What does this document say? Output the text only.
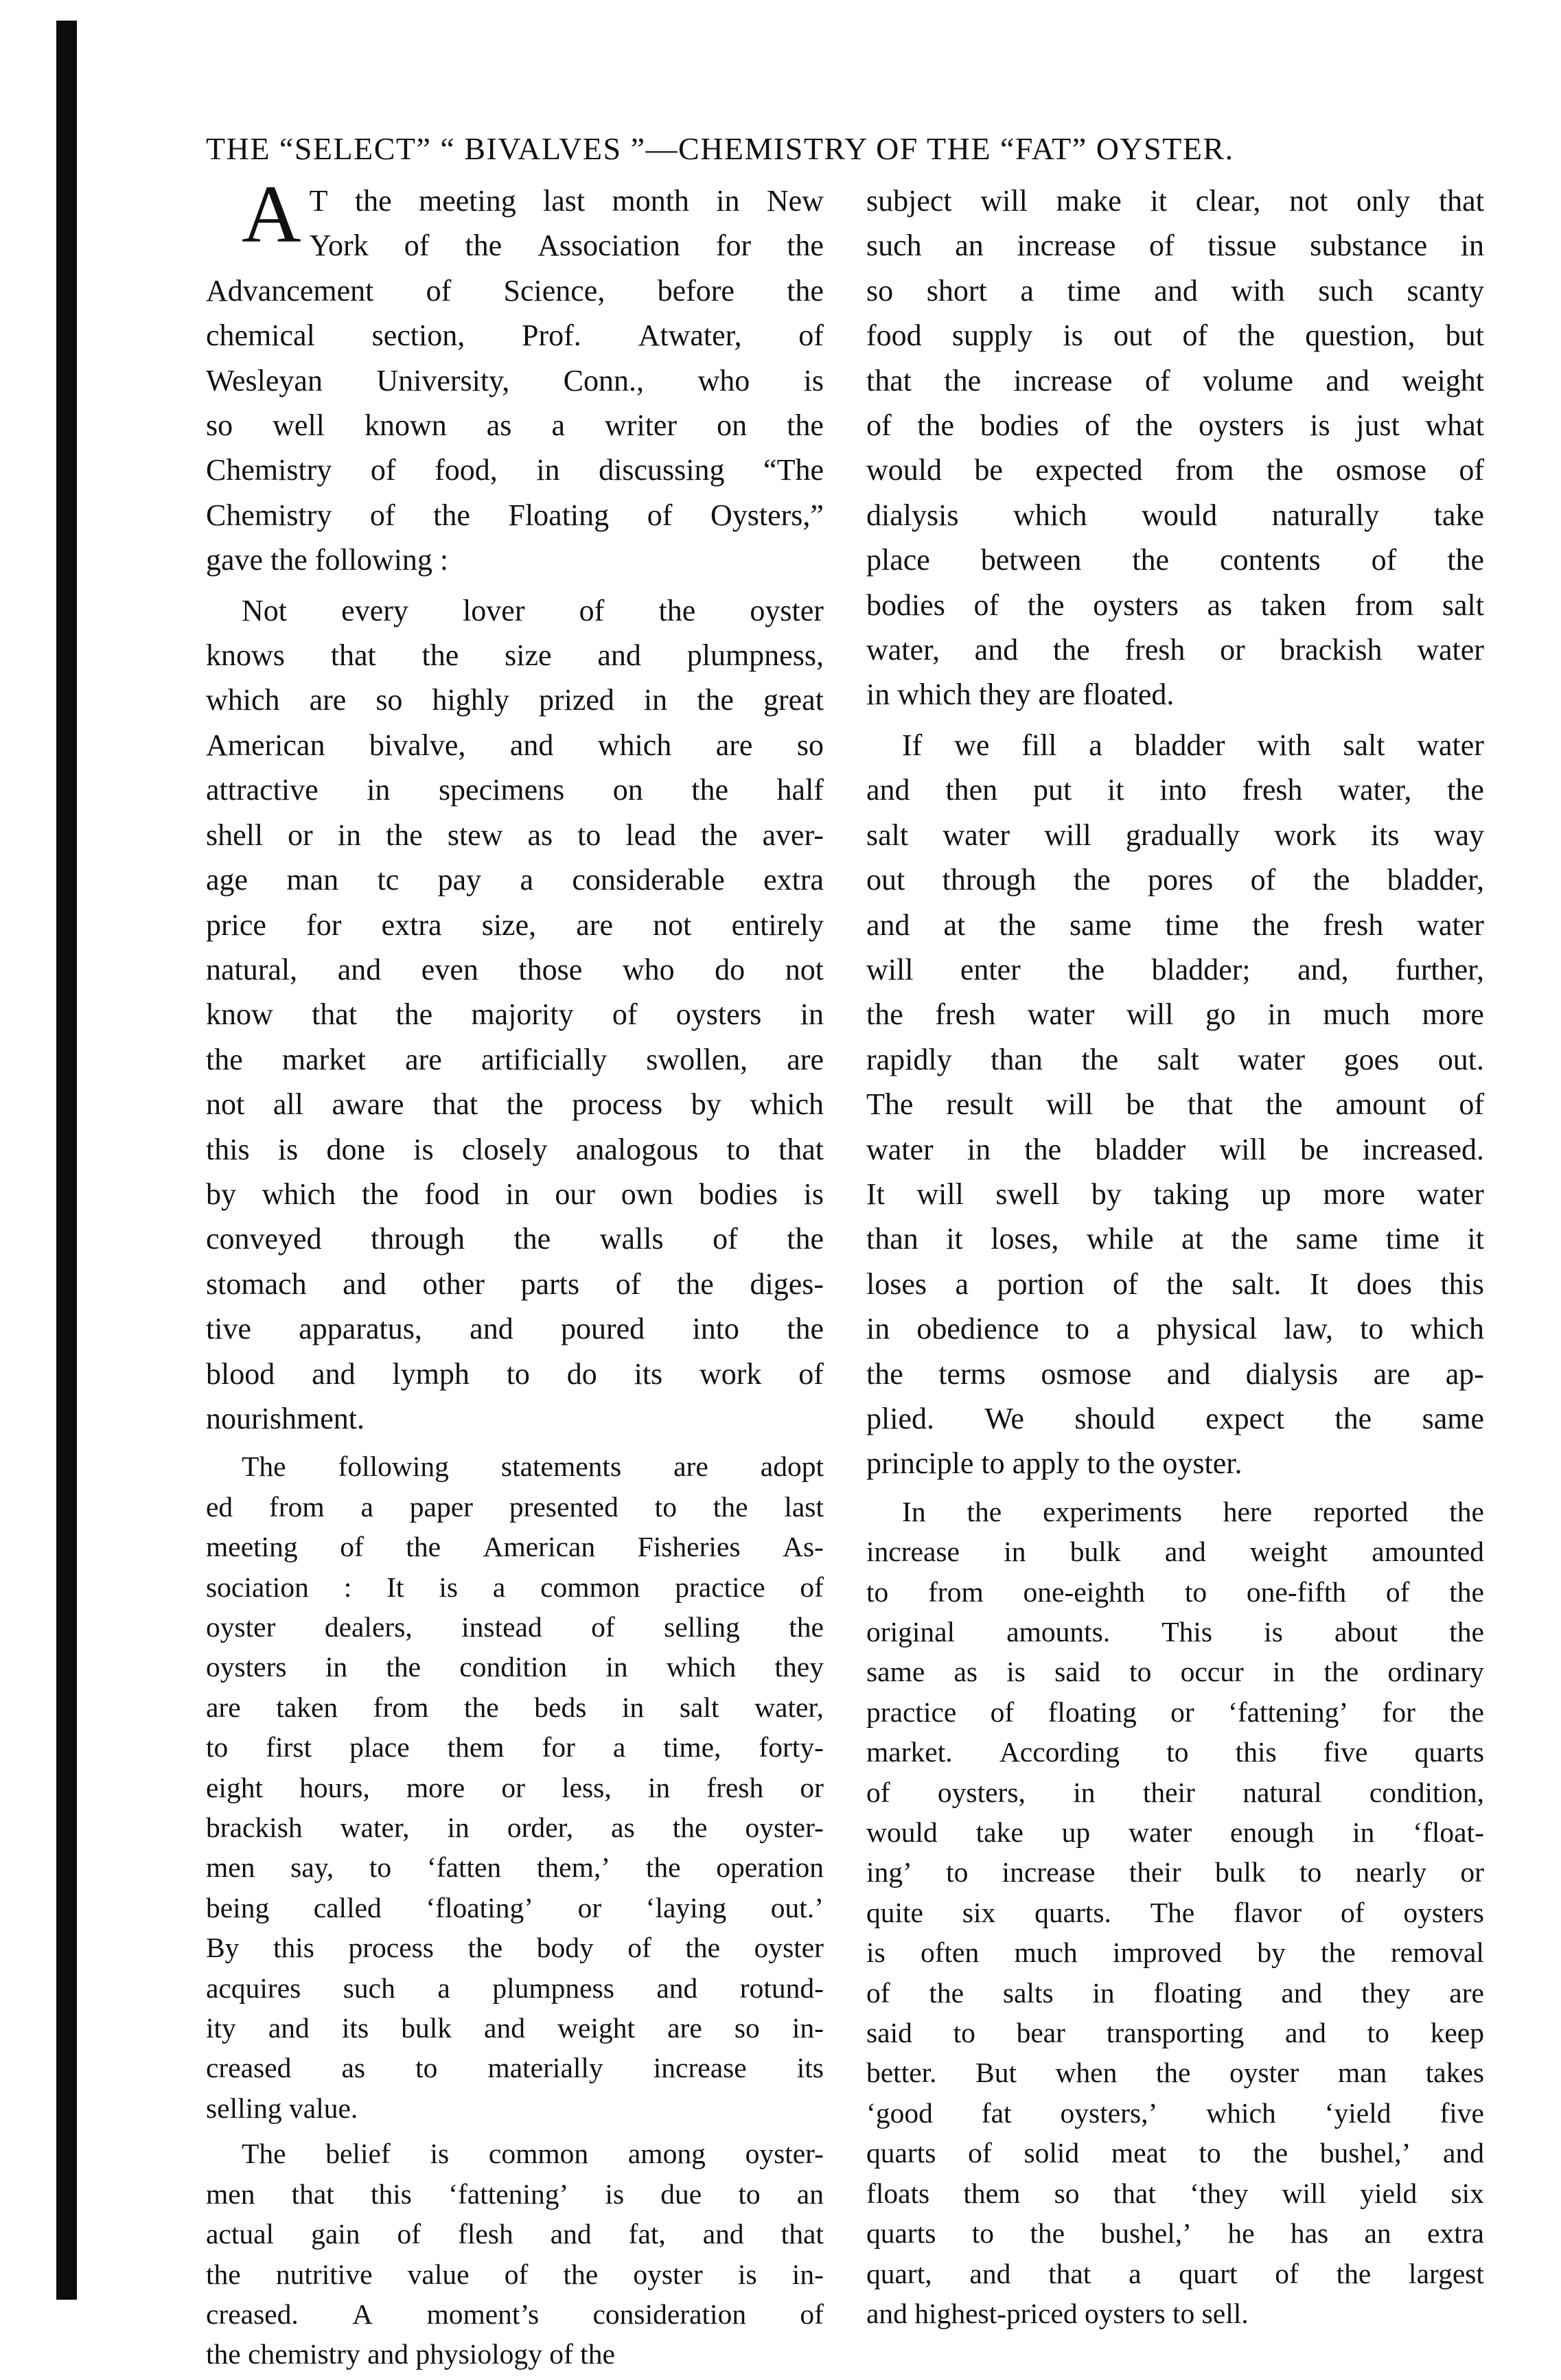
THE “SELECT” “ BIVALVES ”—CHEMISTRY OF THE “FAT” OYSTER.
A T the meeting last month in New
York of the Association for the
Advancement of Science, before the
chemical section, Prof. Atwater, of
Wesleyan University, Conn., who is
so well known as a writer on the
Chemistry of food, in discussing “The
Chemistry of the Floating of Oysters,”
gave the following :
Not every lover of the oyster
knows that the size and plumpness,
which are so highly prized in the great
American bivalve, and which are so
attractive in specimens on the half
shell or in the stew as to lead the aver-
age man tc pay a considerable extra
price for extra size, are not entirely
natural, and even those who do not
know that the majority of oysters in
the market are artificially swollen, are
not all aware that the process by which
this is done is closely analogous to that
by which the food in our own bodies is
conveyed through the walls of the
stomach and other parts of the diges-
tive apparatus, and poured into the
blood and lymph to do its work of
nourishment.
The following statements are adopt
ed from a paper presented to the last
meeting of the American Fisheries As-
sociation : It is a common practice of
oyster dealers, instead of selling the
oysters in the condition in which they
are taken from the beds in salt water,
to first place them for a time, forty-
eight hours, more or less, in fresh or
brackish water, in order, as the oyster-
men say, to ‘fatten them,’ the operation
being called ‘floating’ or ‘laying out.’
By this process the body of the oyster
acquires such a plumpness and rotund-
ity and its bulk and weight are so in-
creased as to materially increase its
selling value.
The belief is common among oyster-
men that this ‘fattening’ is due to an
actual gain of flesh and fat, and that
the nutritive value of the oyster is in-
creased. A moment’s consideration of
the chemistry and physiology of the
subject will make it clear, not only that
such an increase of tissue substance in
so short a time and with such scanty
food supply is out of the question, but
that the increase of volume and weight
of the bodies of the oysters is just what
would be expected from the osmose of
dialysis which would naturally take
place between the contents of the
bodies of the oysters as taken from salt
water, and the fresh or brackish water
in which they are floated.
If we fill a bladder with salt water
and then put it into fresh water, the
salt water will gradually work its way
out through the pores of the bladder,
and at the same time the fresh water
will enter the bladder; and, further,
the fresh water will go in much more
rapidly than the salt water goes out.
The result will be that the amount of
water in the bladder will be increased.
It will swell by taking up more water
than it loses, while at the same time it
loses a portion of the salt. It does this
in obedience to a physical law, to which
the terms osmose and dialysis are ap-
plied. We should expect the same
principle to apply to the oyster.
In the experiments here reported the
increase in bulk and weight amounted
to from one-eighth to one-fifth of the
original amounts. This is about the
same as is said to occur in the ordinary
practice of floating or ‘fattening’ for the
market. According to this five quarts
of oysters, in their natural condition,
would take up water enough in ‘float-
ing’ to increase their bulk to nearly or
quite six quarts. The flavor of oysters
is often much improved by the removal
of the salts in floating and they are
said to bear transporting and to keep
better. But when the oyster man takes
‘good fat oysters,’ which ‘yield five
quarts of solid meat to the bushel,’ and
floats them so that ‘they will yield six
quarts to the bushel,’ he has an extra
quart, and that a quart of the largest
and highest-priced oysters to sell.
